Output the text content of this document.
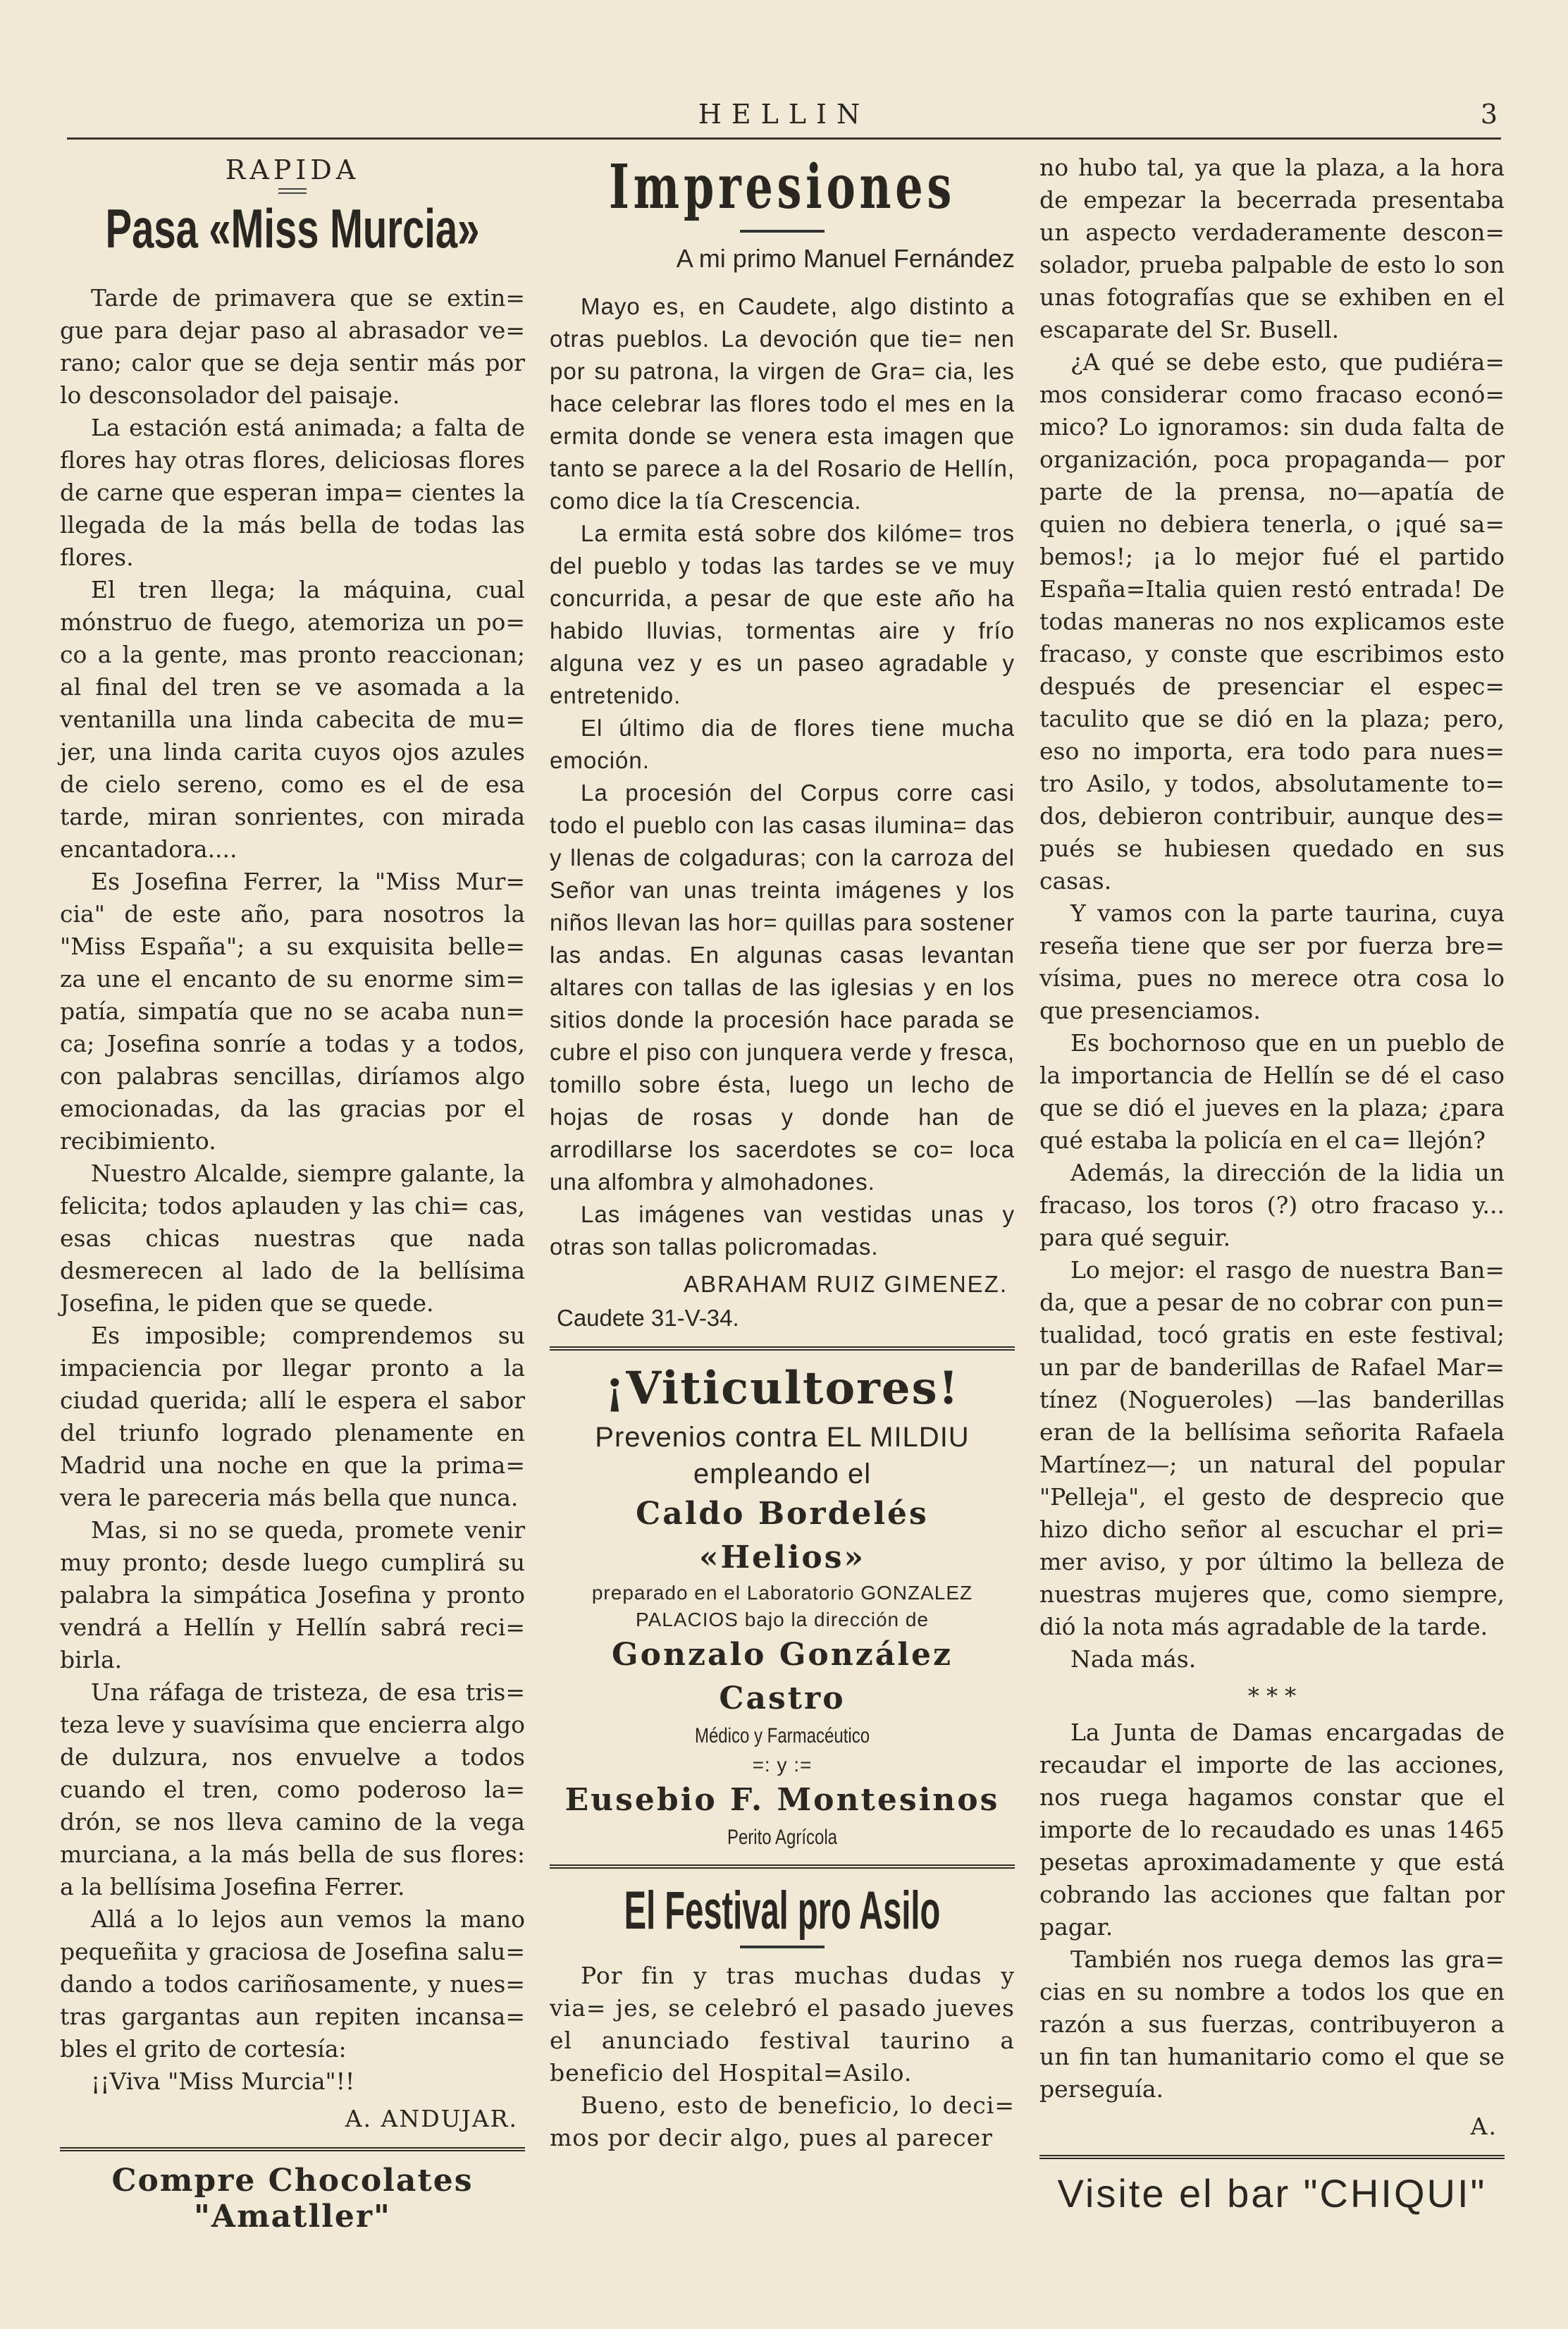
HELLIN	3
RAPIDA
Pasa «Miss Murcia»

Tarde de primavera que se extin= gue para dejar paso al abrasador ve= rano; calor que se deja sentir más por lo desconsolador del paisaje.

La estación está animada; a falta de flores hay otras flores, deliciosas flores de carne que esperan impa= cientes la llegada de la más bella de todas las flores.

El tren llega; la máquina, cual mónstruo de fuego, atemoriza un po= co a la gente, mas pronto reaccionan; al final del tren se ve asomada a la ventanilla una linda cabecita de mu= jer, una linda carita cuyos ojos azules de cielo sereno, como es el de esa tarde, miran sonrientes, con mirada encantadora....

Es Josefina Ferrer, la "Miss Mur= cia" de este año, para nosotros la "Miss España"; a su exquisita belle= za une el encanto de su enorme sim= patía, simpatía que no se acaba nun= ca; Josefina sonríe a todas y a todos, con palabras sencillas, diríamos algo emocionadas, da las gracias por el recibimiento.

Nuestro Alcalde, siempre galante, la felicita; todos aplauden y las chi= cas, esas chicas nuestras que nada desmerecen al lado de la bellísima Josefina, le piden que se quede.

Es imposible; comprendemos su impaciencia por llegar pronto a la ciudad querida; allí le espera el sabor del triunfo logrado plenamente en Madrid una noche en que la prima= vera le pareceria más bella que nunca.

Mas, si no se queda, promete venir muy pronto; desde luego cumplirá su palabra la simpática Josefina y pronto vendrá a Hellín y Hellín sabrá reci= birla.

Una ráfaga de tristeza, de esa tris= teza leve y suavísima que encierra algo de dulzura, nos envuelve a todos cuando el tren, como poderoso la= drón, se nos lleva camino de la vega murciana, a la más bella de sus flores: a la bellísima Josefina Ferrer.

Allá a lo lejos aun vemos la mano pequeñita y graciosa de Josefina salu= dando a todos cariñosamente, y nues= tras gargantas aun repiten incansa= bles el grito de cortesía:

¡¡Viva "Miss Murcia"!!

A. ANDUJAR.
Compre Chocolates "Amatller"
Impresiones
A mi primo Manuel Fernández

Mayo es, en Caudete, algo distinto a otras pueblos. La devoción que tie= nen por su patrona, la virgen de Gra= cia, les hace celebrar las flores todo el mes en la ermita donde se venera esta imagen que tanto se parece a la del Rosario de Hellín, como dice la tía Crescencia.

La ermita está sobre dos kilóme= tros del pueblo y todas las tardes se ve muy concurrida, a pesar de que este año ha habido lluvias, tormentas aire y frío alguna vez y es un paseo agradable y entretenido.

El último dia de flores tiene mucha emoción.

La procesión del Corpus corre casi todo el pueblo con las casas ilumina= das y llenas de colgaduras; con la carroza del Señor van unas treinta imágenes y los niños llevan las hor= quillas para sostener las andas. En algunas casas levantan altares con tallas de las iglesias y en los sitios donde la procesión hace parada se cubre el piso con junquera verde y fresca, tomillo sobre ésta, luego un lecho de hojas de rosas y donde han de arrodillarse los sacerdotes se co= loca una alfombra y almohadones.

Las imágenes van vestidas unas y otras son tallas policromadas.

ABRAHAM RUIZ GIMENEZ.
Caudete 31-V-34.
¡Viticultores!
Prevenios contra EL MILDIU
empleando el
Caldo Bordelés «Helios»
preparado en el Laboratorio GONZALEZ
PALACIOS bajo la dirección de
Gonzalo González Castro
Médico y Farmacéutico
=: y :=
Eusebio F. Montesinos
Perito Agrícola
El Festival pro Asilo

Por fin y tras muchas dudas y via= jes, se celebró el pasado jueves el anunciado festival taurino a beneficio del Hospital=Asilo.

Bueno, esto de beneficio, lo deci= mos por decir algo, pues al parecer

no hubo tal, ya que la plaza, a la hora de empezar la becerrada presentaba un aspecto verdaderamente descon= solador, prueba palpable de esto lo son unas fotografías que se exhiben en el escaparate del Sr. Busell.

¿A qué se debe esto, que pudiéra= mos considerar como fracaso econó= mico? Lo ignoramos: sin duda falta de organización, poca propaganda— por parte de la prensa, no—apatía de quien no debiera tenerla, o ¡qué sa= bemos!; ¡a lo mejor fué el partido España=Italia quien restó entrada! De todas maneras no nos explicamos este fracaso, y conste que escribimos esto después de presenciar el espec= taculito que se dió en la plaza; pero, eso no importa, era todo para nues= tro Asilo, y todos, absolutamente to= dos, debieron contribuir, aunque des= pués se hubiesen quedado en sus casas.

Y vamos con la parte taurina, cuya reseña tiene que ser por fuerza bre= vísima, pues no merece otra cosa lo que presenciamos.

Es bochornoso que en un pueblo de la importancia de Hellín se dé el caso que se dió el jueves en la plaza; ¿para qué estaba la policía en el ca= llejón?

Además, la dirección de la lidia un fracaso, los toros (?) otro fracaso y... para qué seguir.

Lo mejor: el rasgo de nuestra Ban= da, que a pesar de no cobrar con pun= tualidad, tocó gratis en este festival; un par de banderillas de Rafael Mar= tínez (Nogueroles) —las banderillas eran de la bellísima señorita Rafaela Martínez—; un natural del popular "Pelleja", el gesto de desprecio que hizo dicho señor al escuchar el pri= mer aviso, y por último la belleza de nuestras mujeres que, como siempre, dió la nota más agradable de la tarde.

Nada más.

* * *

La Junta de Damas encargadas de recaudar el importe de las acciones, nos ruega hagamos constar que el importe de lo recaudado es unas 1465 pesetas aproximadamente y que está cobrando las acciones que faltan por pagar.

También nos ruega demos las gra= cias en su nombre a todos los que en razón a sus fuerzas, contribuyeron a un fin tan humanitario como el que se perseguía.

A.
Visite el bar "CHIQUI"
